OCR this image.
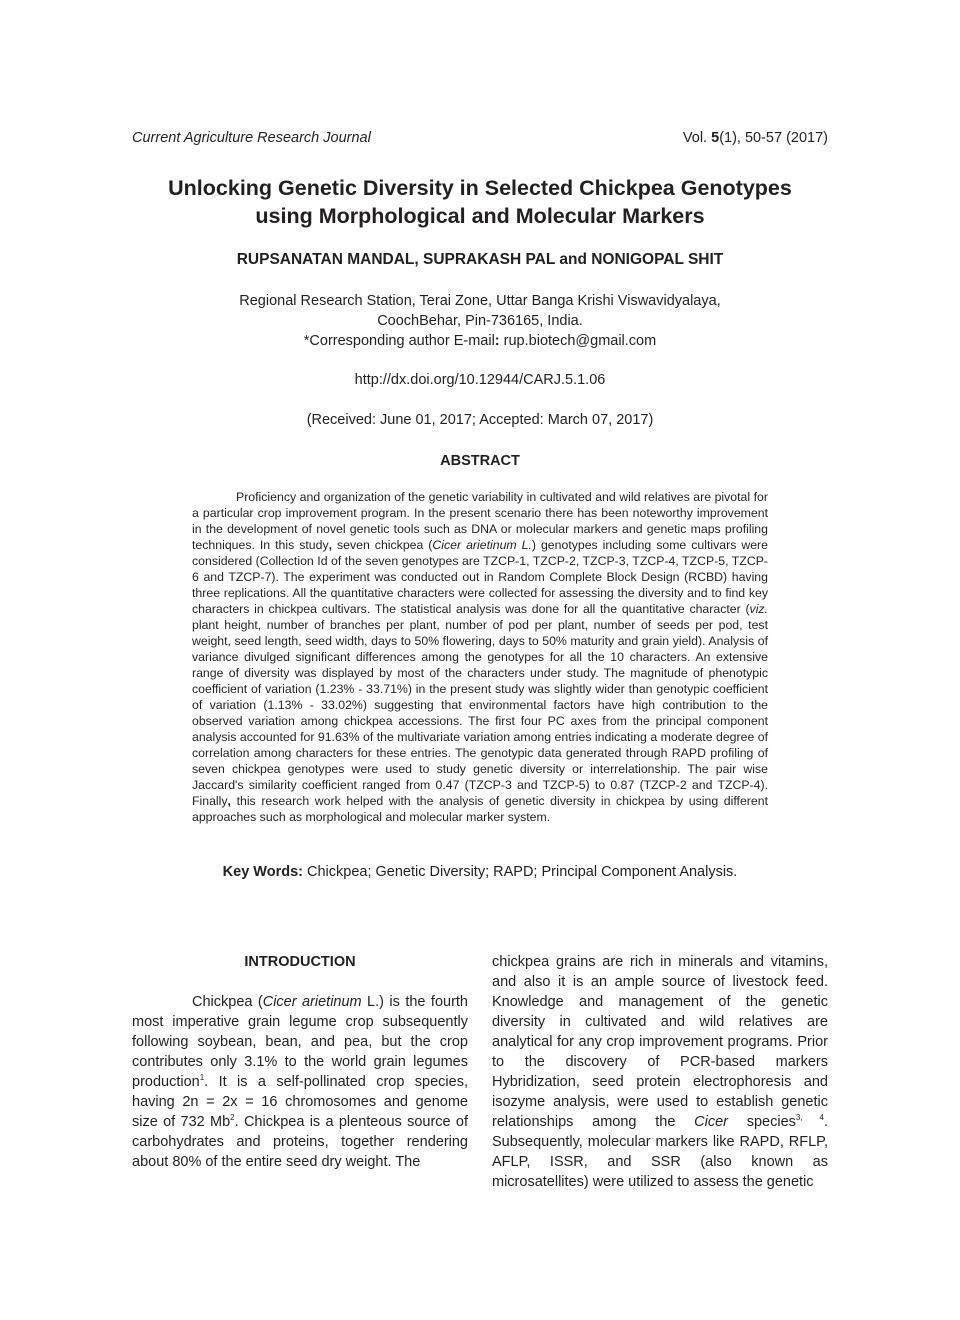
Current Agriculture Research Journal	Vol. 5(1), 50-57 (2017)
Unlocking Genetic Diversity in Selected Chickpea Genotypes
using Morphological and Molecular Markers
RUPSANATAN MANDAL, SUPRAKASH PAL and NONIGOPAL SHIT
Regional Research Station, Terai Zone, Uttar Banga Krishi Viswavidyalaya,
CoochBehar, Pin-736165, India.
*Corresponding author E-mail: rup.biotech@gmail.com
http://dx.doi.org/10.12944/CARJ.5.1.06
(Received: June 01, 2017; Accepted: March 07, 2017)
ABSTRACT

Proficiency and organization of the genetic variability in cultivated and wild relatives are pivotal for a particular crop improvement program. In the present scenario there has been noteworthy improvement in the development of novel genetic tools such as DNA or molecular markers and genetic maps profiling techniques. In this study, seven chickpea (Cicer arietinum L.) genotypes including some cultivars were considered (Collection Id of the seven genotypes are TZCP-1, TZCP-2, TZCP-3, TZCP-4, TZCP-5, TZCP-6 and TZCP-7). The experiment was conducted out in Random Complete Block Design (RCBD) having three replications. All the quantitative characters were collected for assessing the diversity and to find key characters in chickpea cultivars. The statistical analysis was done for all the quantitative character (viz. plant height, number of branches per plant, number of pod per plant, number of seeds per pod, test weight, seed length, seed width, days to 50% flowering, days to 50% maturity and grain yield). Analysis of variance divulged significant differences among the genotypes for all the 10 characters. An extensive range of diversity was displayed by most of the characters under study. The magnitude of phenotypic coefficient of variation (1.23% - 33.71%) in the present study was slightly wider than genotypic coefficient of variation (1.13% - 33.02%) suggesting that environmental factors have high contribution to the observed variation among chickpea accessions. The first four PC axes from the principal component analysis accounted for 91.63% of the multivariate variation among entries indicating a moderate degree of correlation among characters for these entries. The genotypic data generated through RAPD profiling of seven chickpea genotypes were used to study genetic diversity or interrelationship. The pair wise Jaccard's similarity coefficient ranged from 0.47 (TZCP-3 and TZCP-5) to 0.87 (TZCP-2 and TZCP-4). Finally, this research work helped with the analysis of genetic diversity in chickpea by using different approaches such as morphological and molecular marker system.

Key Words: Chickpea; Genetic Diversity; RAPD; Principal Component Analysis.
INTRODUCTION

Chickpea (Cicer arietinum L.) is the fourth most imperative grain legume crop subsequently following soybean, bean, and pea, but the crop contributes only 3.1% to the world grain legumes production$^1$. It is a self-pollinated crop species, having 2n = 2x = 16 chromosomes and genome size of 732 Mb$^2$. Chickpea is a plenteous source of carbohydrates and proteins, together rendering about 80% of the entire seed dry weight. The

chickpea grains are rich in minerals and vitamins, and also it is an ample source of livestock feed. Knowledge and management of the genetic diversity in cultivated and wild relatives are analytical for any crop improvement programs. Prior to the discovery of PCR-based markers Hybridization, seed protein electrophoresis and isozyme analysis, were used to establish genetic relationships among the Cicer species$^{3, 4}$. Subsequently, molecular markers like RAPD, RFLP, AFLP, ISSR, and SSR (also known as microsatellites) were utilized to assess the genetic
